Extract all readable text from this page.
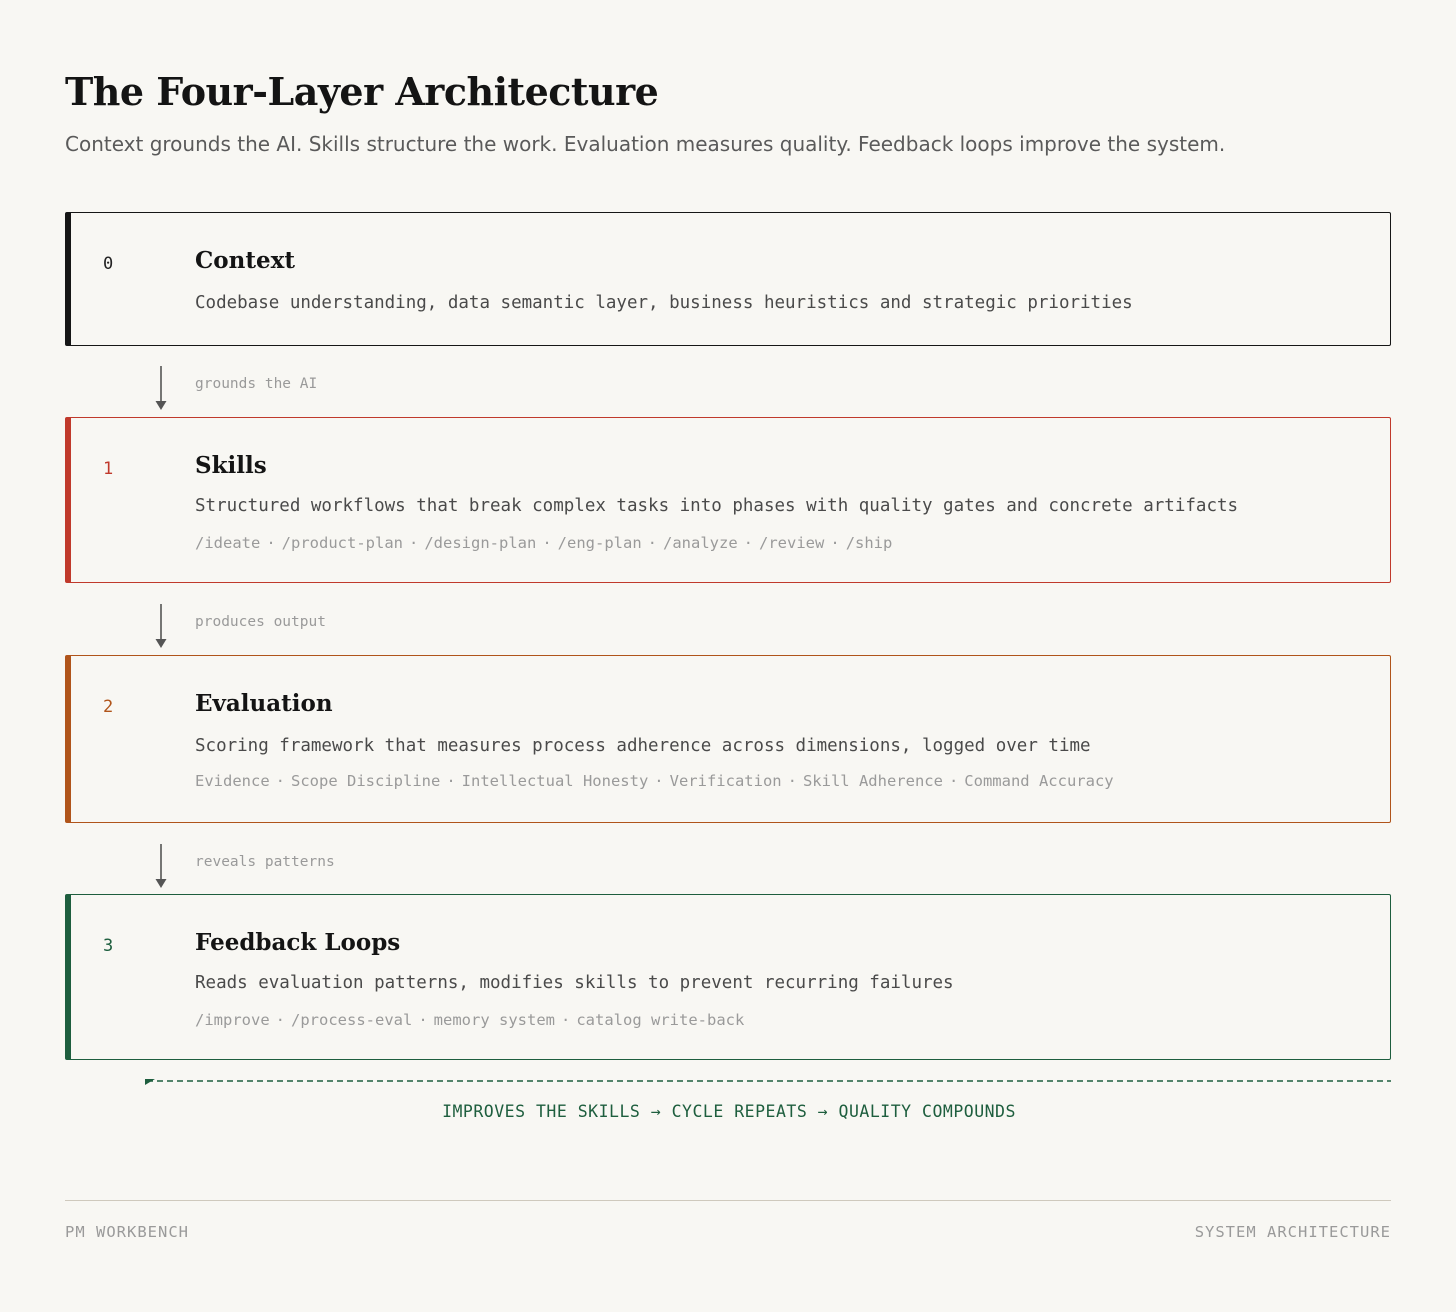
The Four-Layer Architecture
Context grounds the AI. Skills structure the work. Evaluation measures quality. Feedback loops improve the system.
0	Context
Codebase understanding, data semantic layer, business heuristics and strategic priorities
grounds the AI
1	Skills
Structured workflows that break complex tasks into phases with quality gates and concrete artifacts
/ideate · /product-plan · /design-plan · /eng-plan · /analyze · /review · /ship
produces output
2	Evaluation
Scoring framework that measures process adherence across dimensions, logged over time
Evidence · Scope Discipline · Intellectual Honesty · Verification · Skill Adherence · Command Accuracy
reveals patterns
3	Feedback Loops
Reads evaluation patterns, modifies skills to prevent recurring failures
/improve · /process-eval · memory system · catalog write-back
IMPROVES THE SKILLS → CYCLE REPEATS → QUALITY COMPOUNDS
PM WORKBENCH	SYSTEM ARCHITECTURE
